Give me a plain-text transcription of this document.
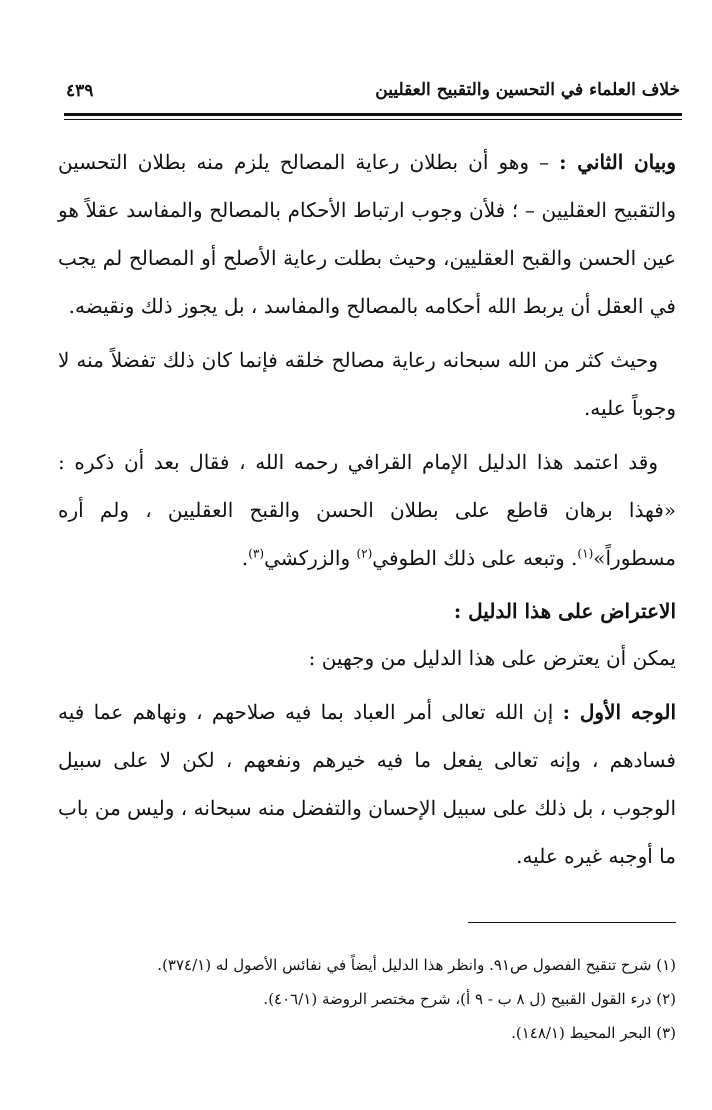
خلاف العلماء في التحسين والتقبيح العقليين
٤٣٩

وبيان الثاني : – وهو أن بطلان رعاية المصالح يلزم منه بطلان التحسين والتقبيح العقليين – ؛ فلأن وجوب ارتباط الأحكام بالمصالح والمفاسد عقلاً هو عين الحسن والقبح العقليين، وحيث بطلت رعاية الأصلح أو المصالح لم يجب في العقل أن يربط الله أحكامه بالمصالح والمفاسد ، بل يجوز ذلك ونقيضه.

وحيث كثر من الله سبحانه رعاية مصالح خلقه فإنما كان ذلك تفضلاً منه لا وجوباً عليه.

وقد اعتمد هذا الدليل الإمام القرافي رحمه الله ، فقال بعد أن ذكره : «فهذا برهان قاطع على بطلان الحسن والقبح العقليين ، ولم أره مسطوراً»$^{(١)}$. وتبعه على ذلك الطوفي$^{(٢)}$ والزركشي$^{(٣)}$.

الاعتراض على هذا الدليل :

يمكن أن يعترض على هذا الدليل من وجهين :

الوجه الأول : إن الله تعالى أمر العباد بما فيه صلاحهم ، ونهاهم عما فيه فسادهم ، وإنه تعالى يفعل ما فيه خيرهم ونفعهم ، لكن لا على سبيل الوجوب ، بل ذلك على سبيل الإحسان والتفضل منه سبحانه ، وليس من باب ما أوجبه غيره عليه.

(١) شرح تنقيح الفصول ص٩١. وانظر هذا الدليل أيضاً في نفائس الأصول له (٣٧٤/١).

(٢) درء القول القبيح (ل ٨ ب - ٩ أ)، شرح مختصر الروضة (٤٠٦/١).

(٣) البحر المحيط (١٤٨/١).
